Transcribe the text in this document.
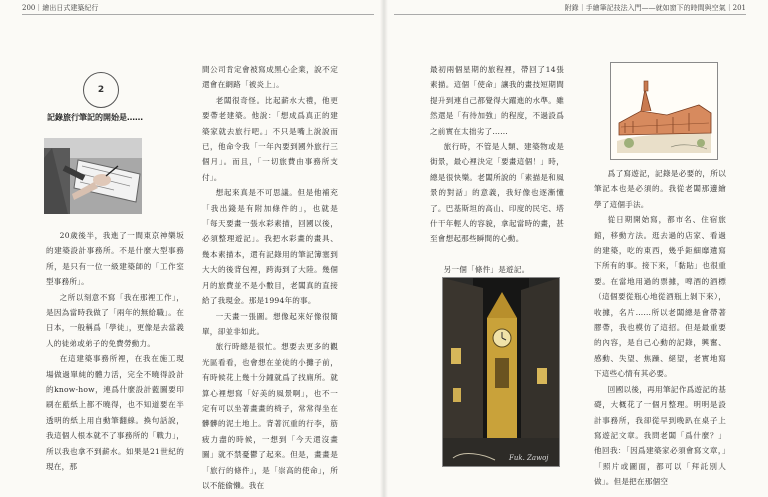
200｜繪出日式建築紀行
2
記錄旅行筆記的開始是……

20歲後半，我進了一間東京神樂坂的建築設計事務所。不是什麼大型事務所，是只有一位一級建築師的「工作室型事務所」。

之所以刻意不寫「我在那裡工作」，是因為當時我做了「兩年的無給職」。在日本，一般稱爲「學徒」，更像是去當義人的徒弟或弟子的免費勞動力。

在這建築事務所裡，在我在施工現場做過單純的體力活，完全不曉得設計的know-how，連爲什麼設計藍圖要印刷在藍紙上都不曉得，也不知道要在半透明的紙上用自動筆翻線。換句話說，我這個人根本就不了事務所的「戰力」，所以我也拿不到薪水。如果是21世紀的現在，那

間公司肯定會被寫成黑心企業，說不定還會在網路「被炎上」。

老闆很奇怪。比起薪水大禮，他更要帶老建築。他說：「想成爲真正的建築家就去旅行吧。」不只是嘴上說說而已，他命令我「一年內要到國外旅行三個月」。而且，「一切旅費由事務所支付」。

想起來真是不可思議。但是他補充「我出錢是有附加條件的」，也就是「每天要畫一張水彩素描，回國以後，必須整理遊記」。我把水彩畫的畫具、幾本素描本，還有記錄用的筆記簿塞到大大的後背包裡，跨海到了大陸。幾個月的旅費並不是小數目，老闆真的直接給了我現金。那是1994年的事。

一天畫一張圖。想像起來好像很簡單，卻並非如此。

旅行時總是很忙。想要去更多的觀光區看看，也會想在並徒的小攤子前，有時候花上幾十分鐘就爲了找廁所。就算心裡想寫「好美的風景啊」，也不一定有可以坐著畫畫的椅子，常常得坐在髒髒的泥土地上。背著沉重的行李，筋疲力盡的時候，一想到「今天還沒畫圖」就不禁憂鬱了起來。但是，畫畫是「旅行的條件」，是「崇高的使命」，所以不能偷懶。我在

附錄｜手繪筆記技法入門——就如窗下的時間與空氣｜201

最初兩個星期的旅程裡，帶回了14張素描。這個「使命」讓我的畫技短期間提升到連自己都覺得大躍進的水準。雖然還是「有待加強」的程度，不過設爲之前實在太拙劣了……

旅行時，不管是人類、建築物或是街景，最心裡決定「要畫這個！」時，總是很快樂。老闆所說的「素描是和風景的對話」的意義，我好像也逐漸懂了。巴基斯坦的高山、印度的民宅、塔什干年輕人的容貌，拿起當時的畫，甚至會想起那些瞬間的心動。

另一個「條件」是遊記。

Fuk. Zawoj

爲了寫遊記，記錄是必要的，所以筆記本也是必須的。我從老闆那邊繪學了這個手法。

從日期開始寫，都市名、住宿旅館，移動方法。逛去過的店家、看過的建築，吃的東西，幾乎鉅細靡遺寫下所有的事。接下來，「黏貼」也很重要。在當地用過的票據，啤酒的酒標（這個要從瓶心地從酒瓶上剝下來），收據，名片……所以老闆總是會帶著膠帶，我也模仿了這招。但是最重要的內容，是自己心動的記錄，興奮、感動、失望、焦躁、絕望，老實地寫下這些心情有其必要。

回國以後，再用筆記作爲遊記的基礎，大概花了一個月整理。明明是設計事務所，我卻從早到晚趴在桌子上寫遊記文章。我問老闆「爲什麼？」他回我：「因爲建築家必須會寫文章，」「照片或圖面，都可以「拜託別人做」。但是把在那個空
